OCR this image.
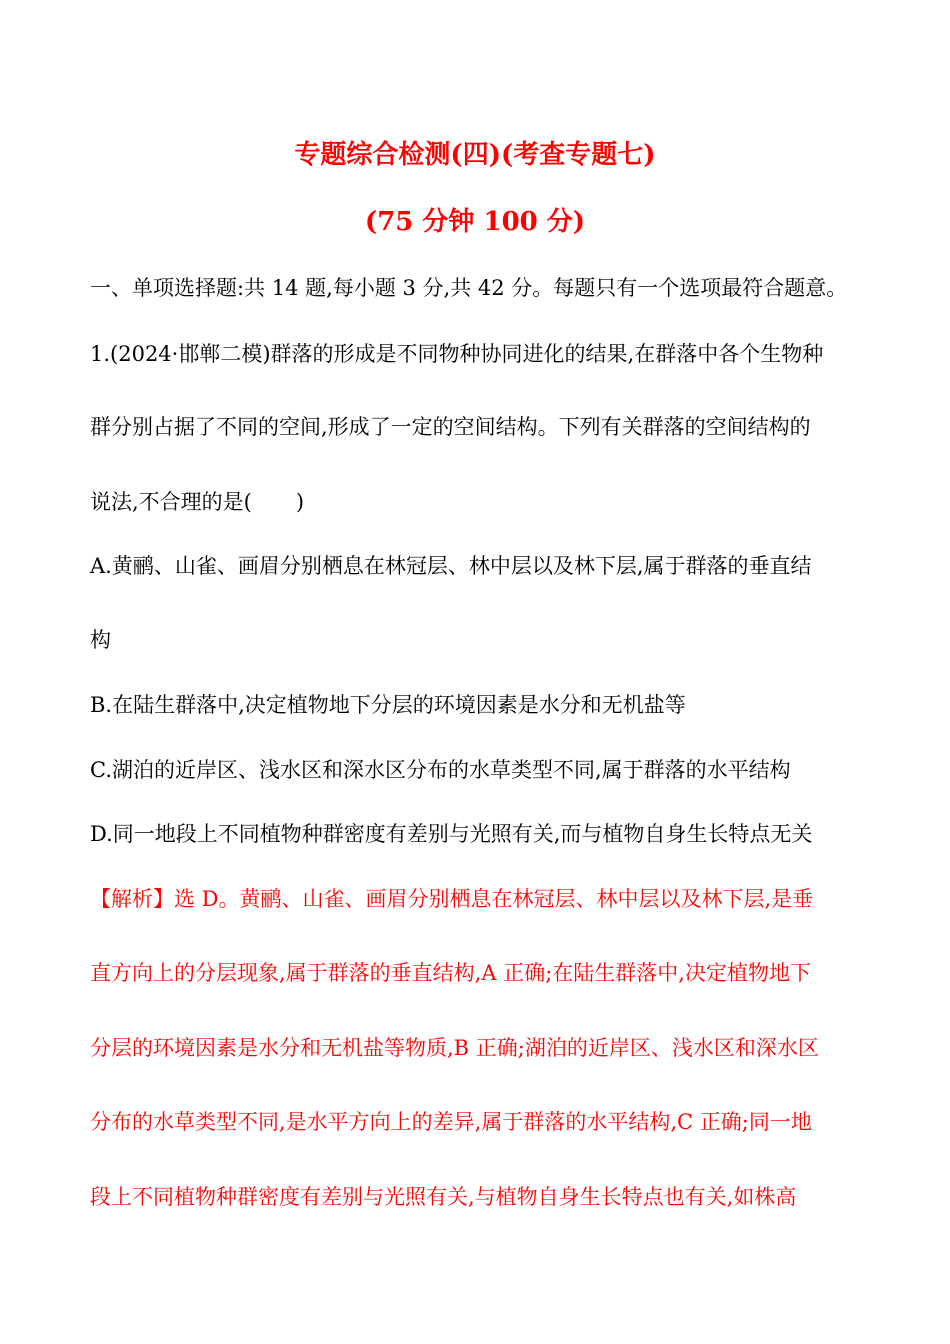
专题综合检测(四)(考查专题七)
(75 分钟 100 分)
一、单项选择题:共 14 题,每小题 3 分,共 42 分。每题只有一个选项最符合题意。
1.(2024·邯郸二模)群落的形成是不同物种协同进化的结果,在群落中各个生物种
群分别占据了不同的空间,形成了一定的空间结构。下列有关群落的空间结构的
说法,不合理的是( )
A.黄鹂、山雀、画眉分别栖息在林冠层、林中层以及林下层,属于群落的垂直结
构
B.在陆生群落中,决定植物地下分层的环境因素是水分和无机盐等
C.湖泊的近岸区、浅水区和深水区分布的水草类型不同,属于群落的水平结构
D.同一地段上不同植物种群密度有差别与光照有关,而与植物自身生长特点无关
【解析】选 D。黄鹂、山雀、画眉分别栖息在林冠层、林中层以及林下层,是垂
直方向上的分层现象,属于群落的垂直结构,A 正确;在陆生群落中,决定植物地下
分层的环境因素是水分和无机盐等物质,B 正确;湖泊的近岸区、浅水区和深水区
分布的水草类型不同,是水平方向上的差异,属于群落的水平结构,C 正确;同一地
段上不同植物种群密度有差别与光照有关,与植物自身生长特点也有关,如株高
